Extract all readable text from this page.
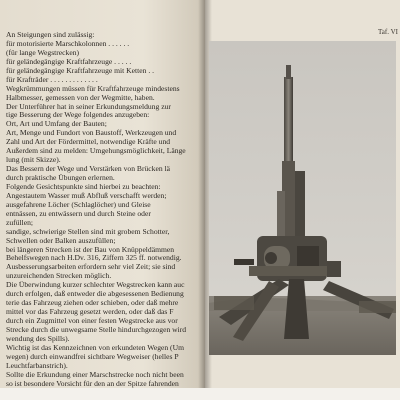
An Steigungen sind zulässig:
für motorisierte Marschkolonnen . . . . . .
(für lange Wegstrecken)
für geländegängige Kraftfahrzeuge . . . . .
für geländegängige Kraftfahrzeuge mit Ketten . .
für Krafträder . . . . . . . . . . . . .
Wegkrümmungen müssen für Kraftfahrzeuge mindestens
Halbmesser, gemessen von der Wegmitte, haben.
Der Unterführer hat in seiner Erkundungsmeldung zur
tige Besserung der Wege folgendes anzugeben:
Ort, Art und Umfang der Bauten;
Art, Menge und Fundort von Baustoff, Werkzeugen und
Zahl und Art der Fördermittel, notwendige Kräfte und
Außerdem sind zu melden: Umgehungsmöglichkeit, Länge
lung (mit Skizze).
Das Bessern der Wege und Verstärken von Brücken lä
durch praktische Übungen erlernen.
Folgende Gesichtspunkte sind hierbei zu beachten:
Angestautem Wasser muß Abfluß verschafft werden;
ausgefahrene Löcher (Schlaglöcher) und Gleise
entnässen, zu entwässern und durch Steine oder
zufüllen;
sandige, schwierige Stellen sind mit grobem Schotter,
Schwellen oder Balken auszufüllen;
bei längeren Strecken ist der Bau von Knüppeldämmen
Behelfswegen nach H.Dv. 316, Ziffern 325 ff. notwendig.
Ausbesserungsarbeiten erfordern sehr viel Zeit; sie sind
unzureichenden Strecken möglich.
Die Überwindung kurzer schlechter Wegstrecken kann auc
durch erfolgen, daß entweder die abgesessenen Bedienung
terie das Fahrzeug ziehen oder schieben, oder daß mehre
mittel vor das Fahrzeug gesetzt werden, oder daß das F
durch ein Zugmittel von einer festen Wegstrecke aus vor
Strecke durch die unwegsame Stelle hindurchgezogen wird
wendung des Spills).
Wichtig ist das Kennzeichnen von erkundeten Wegen (Um
wegen) durch einwandfrei sichtbare Wegweiser (helles P
Leuchtfarbanstrich).
Sollte die Erkundung einer Marschstrecke noch nicht been
so ist besondere Vorsicht für den an der Spitze fahrenden
Taf. VI
